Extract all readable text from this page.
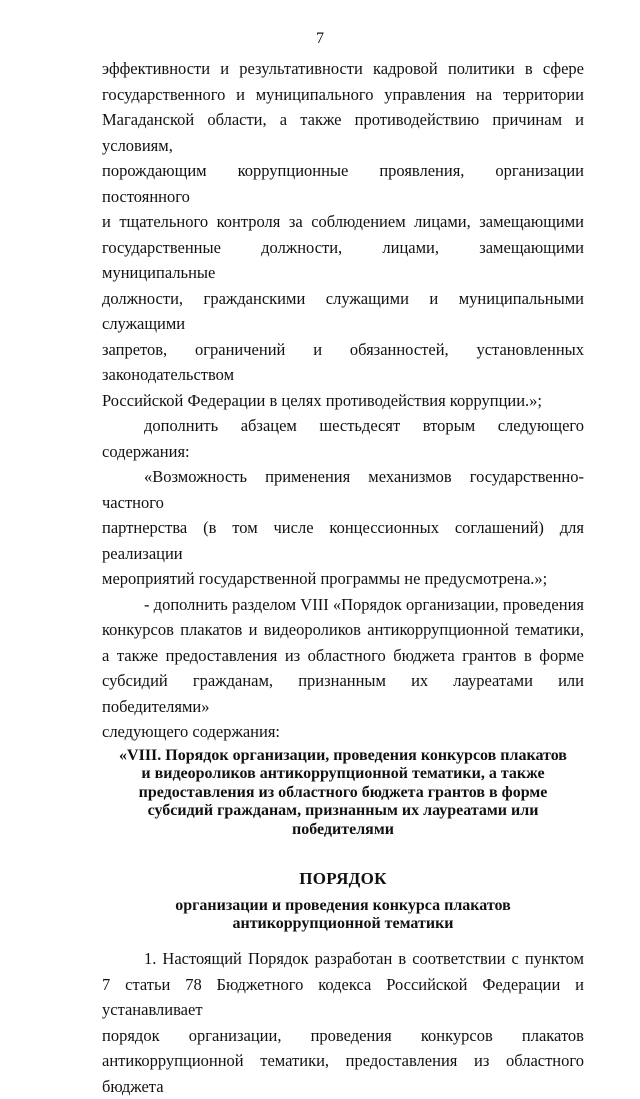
7

эффективности и результативности кадровой политики в сфере

государственного и муниципального управления на территории

Магаданской области, а также противодействию причинам и условиям,

порождающим коррупционные проявления, организации постоянного

и тщательного контроля за соблюдением лицами, замещающими

государственные должности, лицами, замещающими муниципальные

должности, гражданскими служащими и муниципальными служащими

запретов, ограничений и обязанностей, установленных законодательством

Российской Федерации в целях противодействия коррупции.»;

дополнить абзацем шестьдесят вторым следующего содержания:

«Возможность применения механизмов государственно-частного

партнерства (в том числе концессионных соглашений) для реализации

мероприятий государственной программы не предусмотрена.»;

- дополнить разделом VIII «Порядок организации, проведения

конкурсов плакатов и видеороликов антикоррупционной тематики,

а также предоставления из областного бюджета грантов в форме

субсидий гражданам, признанным их лауреатами или победителями»

следующего содержания:

«VIII. Порядок организации, проведения конкурсов плакатов
и видеороликов антикоррупционной тематики, а также
предоставления из областного бюджета грантов в форме
субсидий гражданам, признанным их лауреатами или
победителями
ПОРЯДОК
организации и проведения конкурса плакатов
антикоррупционной тематики

1. Настоящий Порядок разработан в соответствии с пунктом

7 статьи 78 Бюджетного кодекса Российской Федерации и устанавливает

порядок организации, проведения конкурсов плакатов

антикоррупционной тематики, предоставления из областного бюджета
